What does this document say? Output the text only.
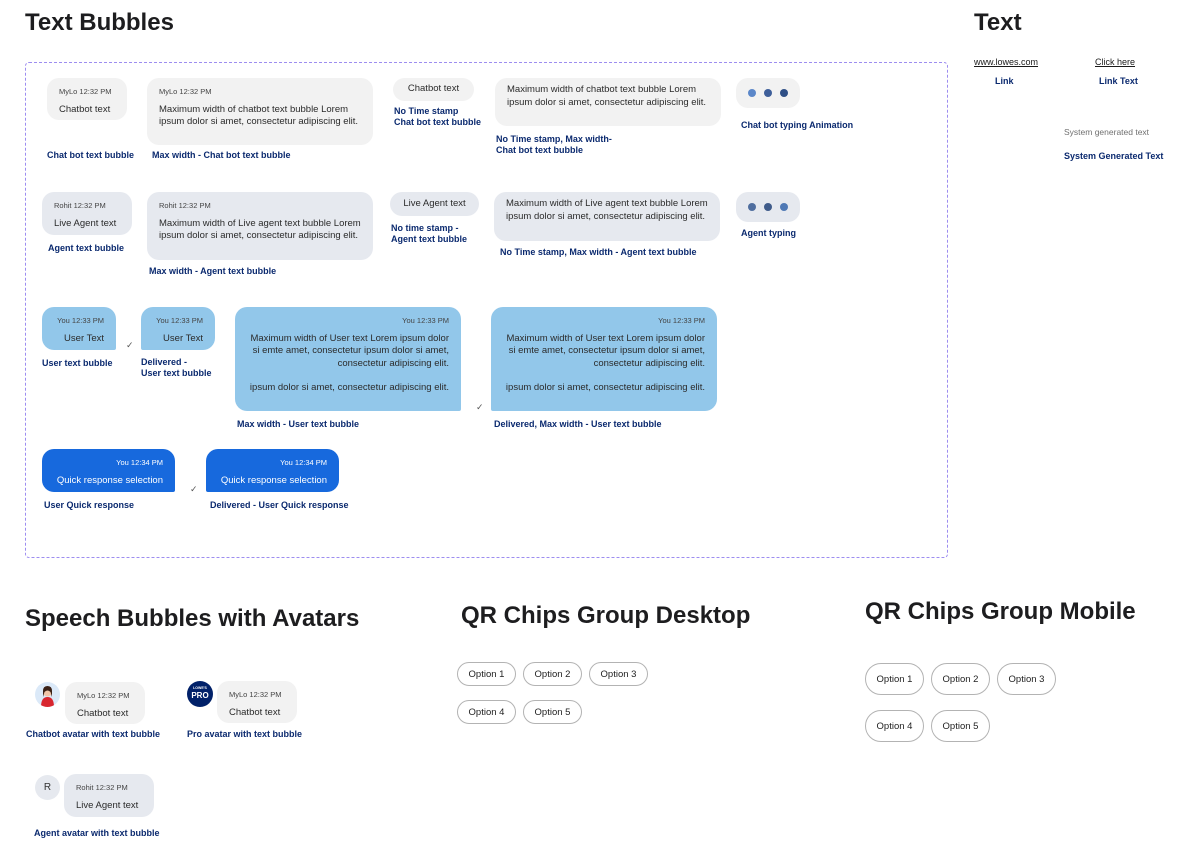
Text Bubbles	Text
MyLo 12:32 PM
Chatbot text
Chat bot text bubble
MyLo 12:32 PM
Maximum width of chatbot text bubble Lorem ipsum dolor si amet, consectetur adipiscing elit.
Max width - Chat bot text bubble
Chatbot text
No Time stamp
Chat bot text bubble
Maximum width of chatbot text bubble Lorem ipsum dolor si amet, consectetur adipiscing elit.
No Time stamp, Max width-
Chat bot text bubble
Chat bot typing Animation
Rohit 12:32 PM
Live Agent text
Agent text bubble
Rohit 12:32 PM
Maximum width of Live agent text bubble Lorem ipsum dolor si amet, consectetur adipiscing elit.
Max width - Agent text bubble
Live Agent text
No time stamp -
Agent text bubble
Maximum width of Live agent text bubble Lorem ipsum dolor si amet, consectetur adipiscing elit.
No Time stamp, Max width - Agent text bubble
Agent typing
You 12:33 PM
User Text
User text bubble
You 12:33 PM
User Text
✓
Delivered -
User text bubble
You 12:33 PM
Maximum width of User text Lorem ipsum dolor si emte amet, consectetur ipsum dolor si amet, consectetur adipiscing elit.
ipsum dolor si amet, consectetur adipiscing elit.
Max width - User text bubble
You 12:33 PM
Maximum width of User text Lorem ipsum dolor si emte amet, consectetur ipsum dolor si amet, consectetur adipiscing elit.
ipsum dolor si amet, consectetur adipiscing elit.
✓
Delivered, Max width - User text bubble
You 12:34 PM
Quick response selection
User Quick response
You 12:34 PM
Quick response selection
✓
Delivered - User Quick response
www.lowes.com
Link
Click here
Link Text
System generated text
System Generated Text
Speech Bubbles with Avatars
MyLo 12:32 PM
Chatbot text
Chatbot avatar with text bubble
LOWE'S
PRO	MyLo 12:32 PM
Chatbot text
Pro avatar with text bubble
R	Rohit 12:32 PM
Live Agent text
Agent avatar with text bubble
QR Chips Group Desktop
Option 1	Option 2	Option 3
Option 4	Option 5
QR Chips Group Mobile
Option 1	Option 2	Option 3
Option 4	Option 5
